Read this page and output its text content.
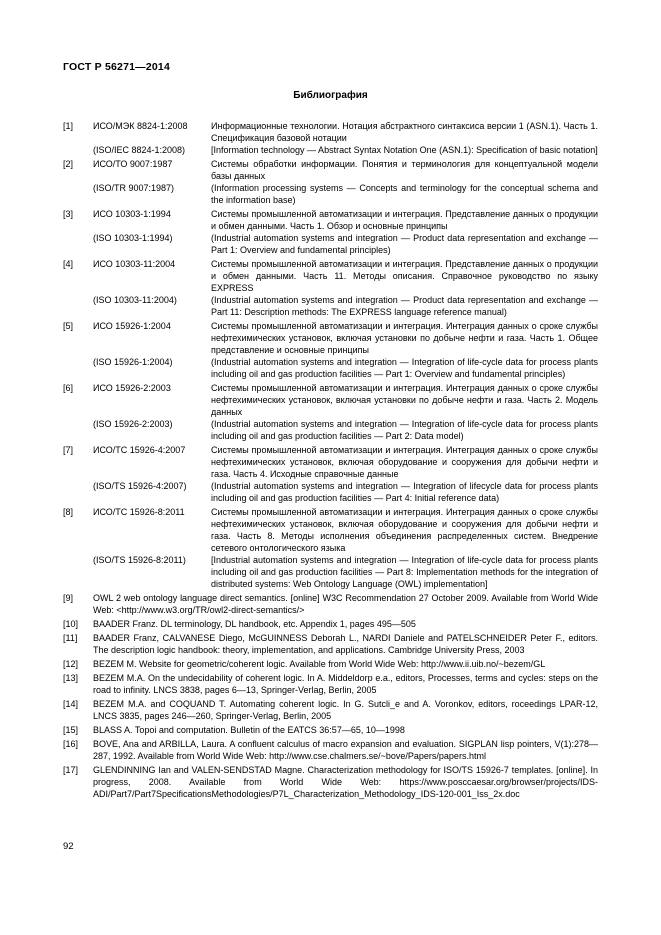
ГОСТ Р 56271—2014
Библиография
[1]	ИСО/МЭК 8824-1:2008	Информационные технологии. Нотация абстрактного синтаксиса версии 1 (ASN.1). Часть 1. Спецификация базовой нотации
(ISO/IEC 8824-1:2008)	[Information technology — Abstract Syntax Notation One (ASN.1): Specification of basic notation]
[2]	ИСО/ТО 9007:1987	Системы обработки информации. Понятия и терминология для концептуальной модели базы данных
(ISO/TR 9007:1987)	(Information processing systems — Concepts and terminology for the conceptual schema and the information base)
[3]	ИСО 10303-1:1994	Системы промышленной автоматизации и интеграция. Представление данных о продукции и обмен данными. Часть 1. Обзор и основные принципы
(ISO 10303-1:1994)	(Industrial automation systems and integration — Product data representation and exchange — Part 1: Overview and fundamental principles)
[4]	ИСО 10303-11:2004	Системы промышленной автоматизации и интеграция. Представление данных о продукции и обмен данными. Часть 11. Методы описания. Справочное руководство по языку EXPRESS
(ISO 10303-11:2004)	(Industrial automation systems and integration — Product data representation and exchange — Part 11: Description methods: The EXPRESS language reference manual)
[5]	ИСО 15926-1:2004	Системы промышленной автоматизации и интеграция. Интеграция данных о сроке службы нефтехимических установок, включая установки по добыче нефти и газа. Часть 1. Общее представление и основные принципы
(ISO 15926-1:2004)	(Industrial automation systems and integration — Integration of life-cycle data for process plants including oil and gas production facilities — Part 1: Overview and fundamental principles)
[6]	ИСО 15926-2:2003	Системы промышленной автоматизации и интеграция. Интеграция данных о сроке службы нефтехимических установок, включая установки по добыче нефти и газа. Часть 2. Модель данных
(ISO 15926-2:2003)	(Industrial automation systems and integration — Integration of life-cycle data for process plants including oil and gas production facilities — Part 2: Data model)
[7]	ИСО/ТС 15926-4:2007	Системы промышленной автоматизации и интеграция. Интеграция данных о сроке службы нефтехимических установок, включая оборудование и сооружения для добычи нефти и газа. Часть 4. Исходные справочные данные
(ISO/TS 15926-4:2007)	(Industrial automation systems and integration — Integration of lifecycle data for process plants including oil and gas production facilities — Part 4: Initial reference data)
[8]	ИСО/ТС 15926-8:2011	Системы промышленной автоматизации и интеграция. Интеграция данных о сроке службы нефтехимических установок, включая оборудование и сооружения для добычи нефти и газа. Часть 8. Методы исполнения объединения распределенных систем. Внедрение сетевого онтологического языка
(ISO/TS 15926-8:2011)	[Industrial automation systems and integration — Integration of life-cycle data for process plants including oil and gas production facilities — Part 8: Implementation methods for the integration of distributed systems: Web Ontology Language (OWL) implementation]
[9]	OWL 2 web ontology language direct semantics. [online] W3C Recommendation 27 October 2009. Available from World Wide Web: <http://www.w3.org/TR/owl2-direct-semantics/>
[10]	BAADER Franz. DL terminology, DL handbook, etc. Appendix 1, pages 495—505
[11]	BAADER Franz, CALVANESE Diego, McGUINNESS Deborah L., NARDI Daniele and PATELSCHNEIDER Peter F., editors. The description logic handbook: theory, implementation, and applications. Cambridge University Press, 2003
[12]	BEZEM M. Website for geometric/coherent logic. Available from World Wide Web: http://www.ii.uib.no/~bezem/GL
[13]	BEZEM M.A. On the undecidability of coherent logic. In A. Middeldorp e.a., editors, Processes, terms and cycles: steps on the road to infinity. LNCS 3838, pages 6—13, Springer-Verlag, Berlin, 2005
[14]	BEZEM M.A. and COQUAND T. Automating coherent logic. In G. Sutcli_e and A. Voronkov, editors, roceedings LPAR-12, LNCS 3835, pages 246—260, Springer-Verlag, Berlin, 2005
[15]	BLASS A. Topoi and computation. Bulletin of the EATCS 36:57—65, 10—1998
[16]	BOVE, Ana and ARBILLA, Laura. A confluent calculus of macro expansion and evaluation. SIGPLAN lisp pointers, V(1):278—287, 1992. Available from World Wide Web: http://www.cse.chalmers.se/~bove/Papers/papers.html
[17]	GLENDINNING Ian and VALEN-SENDSTAD Magne. Characterization methodology for ISO/TS 15926-7 templates. [online]. In progress, 2008. Available from World Wide Web: https://www.posccaesar.org/browser/projects/IDS-ADI/Part7/Part7SpecificationsMethodologies/P7L_Characterization_Methodology_IDS-120-001_Iss_2x.doc
92
